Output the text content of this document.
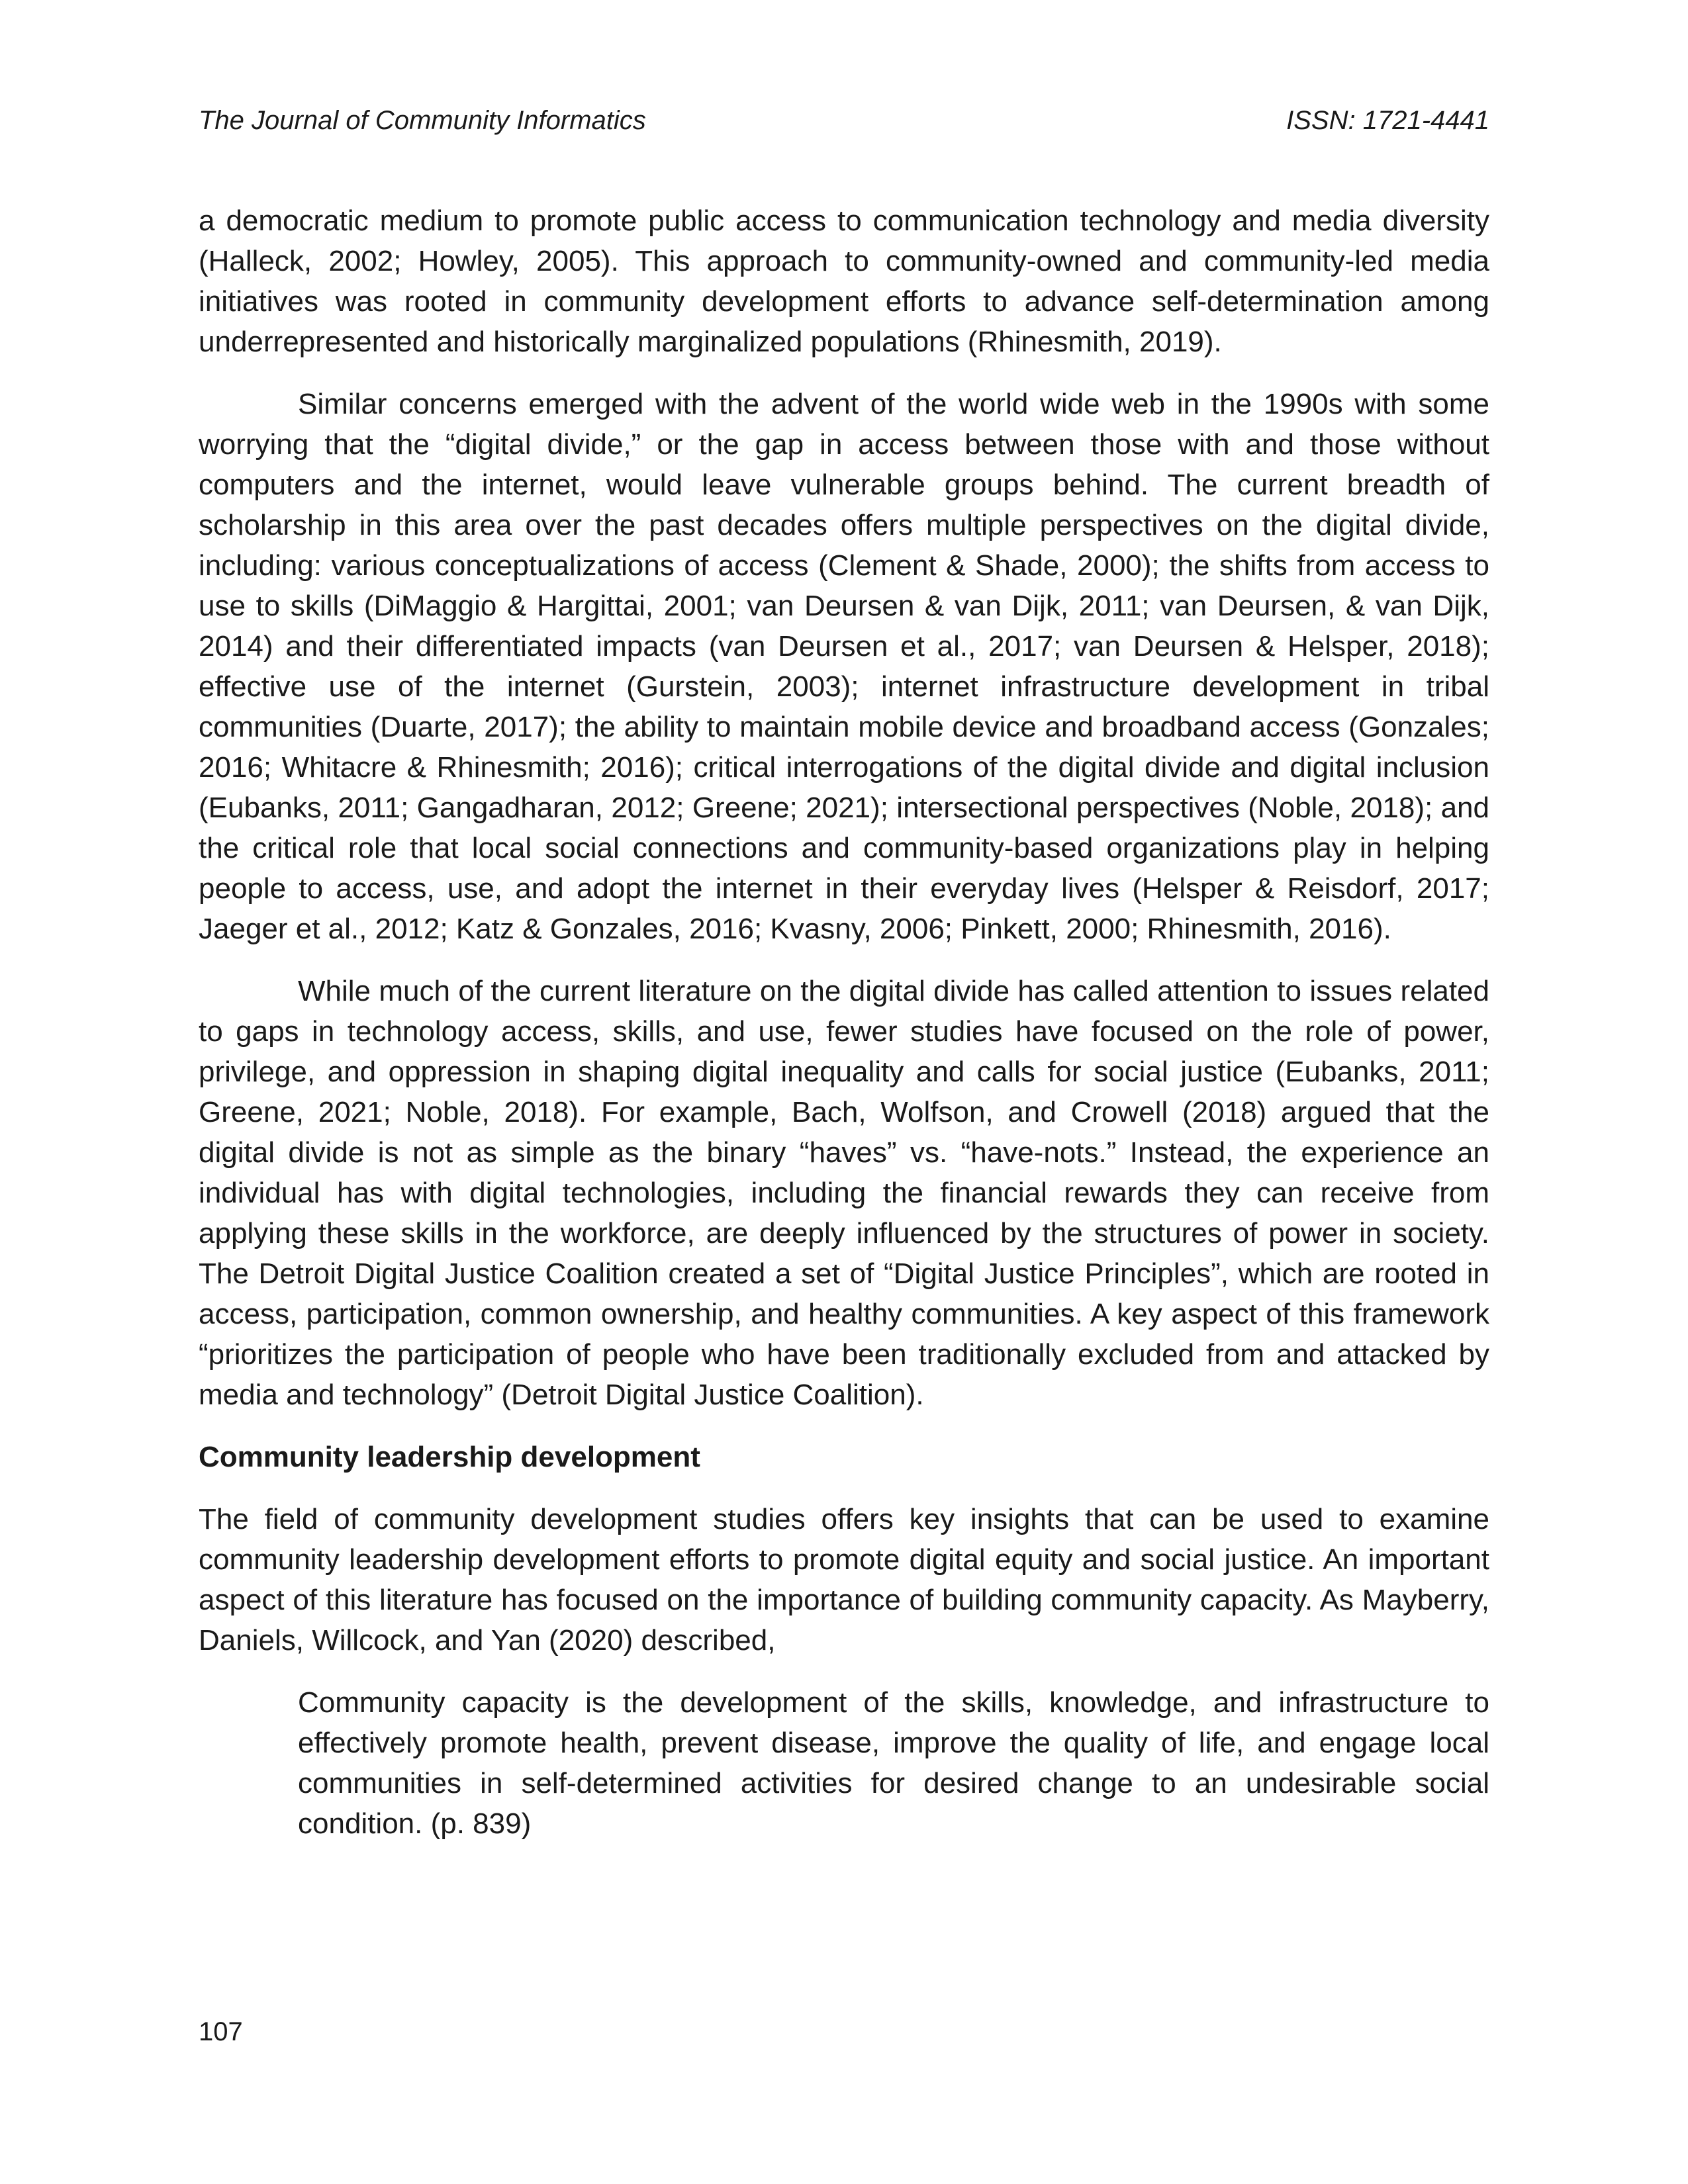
The Journal of Community Informatics	ISSN: 1721-4441

a democratic medium to promote public access to communication technology and media diversity (Halleck, 2002; Howley, 2005). This approach to community-owned and community-led media initiatives was rooted in community development efforts to advance self-determination among underrepresented and historically marginalized populations (Rhinesmith, 2019).

Similar concerns emerged with the advent of the world wide web in the 1990s with some worrying that the “digital divide,” or the gap in access between those with and those without computers and the internet, would leave vulnerable groups behind. The current breadth of scholarship in this area over the past decades offers multiple perspectives on the digital divide, including: various conceptualizations of access (Clement & Shade, 2000); the shifts from access to use to skills (DiMaggio & Hargittai, 2001; van Deursen & van Dijk, 2011; van Deursen, & van Dijk, 2014) and their differentiated impacts (van Deursen et al., 2017; van Deursen & Helsper, 2018); effective use of the internet (Gurstein, 2003); internet infrastructure development in tribal communities (Duarte, 2017); the ability to maintain mobile device and broadband access (Gonzales; 2016; Whitacre & Rhinesmith; 2016); critical interrogations of the digital divide and digital inclusion (Eubanks, 2011; Gangadharan, 2012; Greene; 2021); intersectional perspectives (Noble, 2018); and the critical role that local social connections and community-based organizations play in helping people to access, use, and adopt the internet in their everyday lives (Helsper & Reisdorf, 2017; Jaeger et al., 2012; Katz & Gonzales, 2016; Kvasny, 2006; Pinkett, 2000; Rhinesmith, 2016).

While much of the current literature on the digital divide has called attention to issues related to gaps in technology access, skills, and use, fewer studies have focused on the role of power, privilege, and oppression in shaping digital inequality and calls for social justice (Eubanks, 2011; Greene, 2021; Noble, 2018). For example, Bach, Wolfson, and Crowell (2018) argued that the digital divide is not as simple as the binary “haves” vs. “have-nots.” Instead, the experience an individual has with digital technologies, including the financial rewards they can receive from applying these skills in the workforce, are deeply influenced by the structures of power in society. The Detroit Digital Justice Coalition created a set of “Digital Justice Principles”, which are rooted in access, participation, common ownership, and healthy communities. A key aspect of this framework “prioritizes the participation of people who have been traditionally excluded from and attacked by media and technology” (Detroit Digital Justice Coalition).

Community leadership development

The field of community development studies offers key insights that can be used to examine community leadership development efforts to promote digital equity and social justice. An important aspect of this literature has focused on the importance of building community capacity. As Mayberry, Daniels, Willcock, and Yan (2020) described,

Community capacity is the development of the skills, knowledge, and infrastructure to effectively promote health, prevent disease, improve the quality of life, and engage local communities in self-determined activities for desired change to an undesirable social condition. (p. 839)
107
